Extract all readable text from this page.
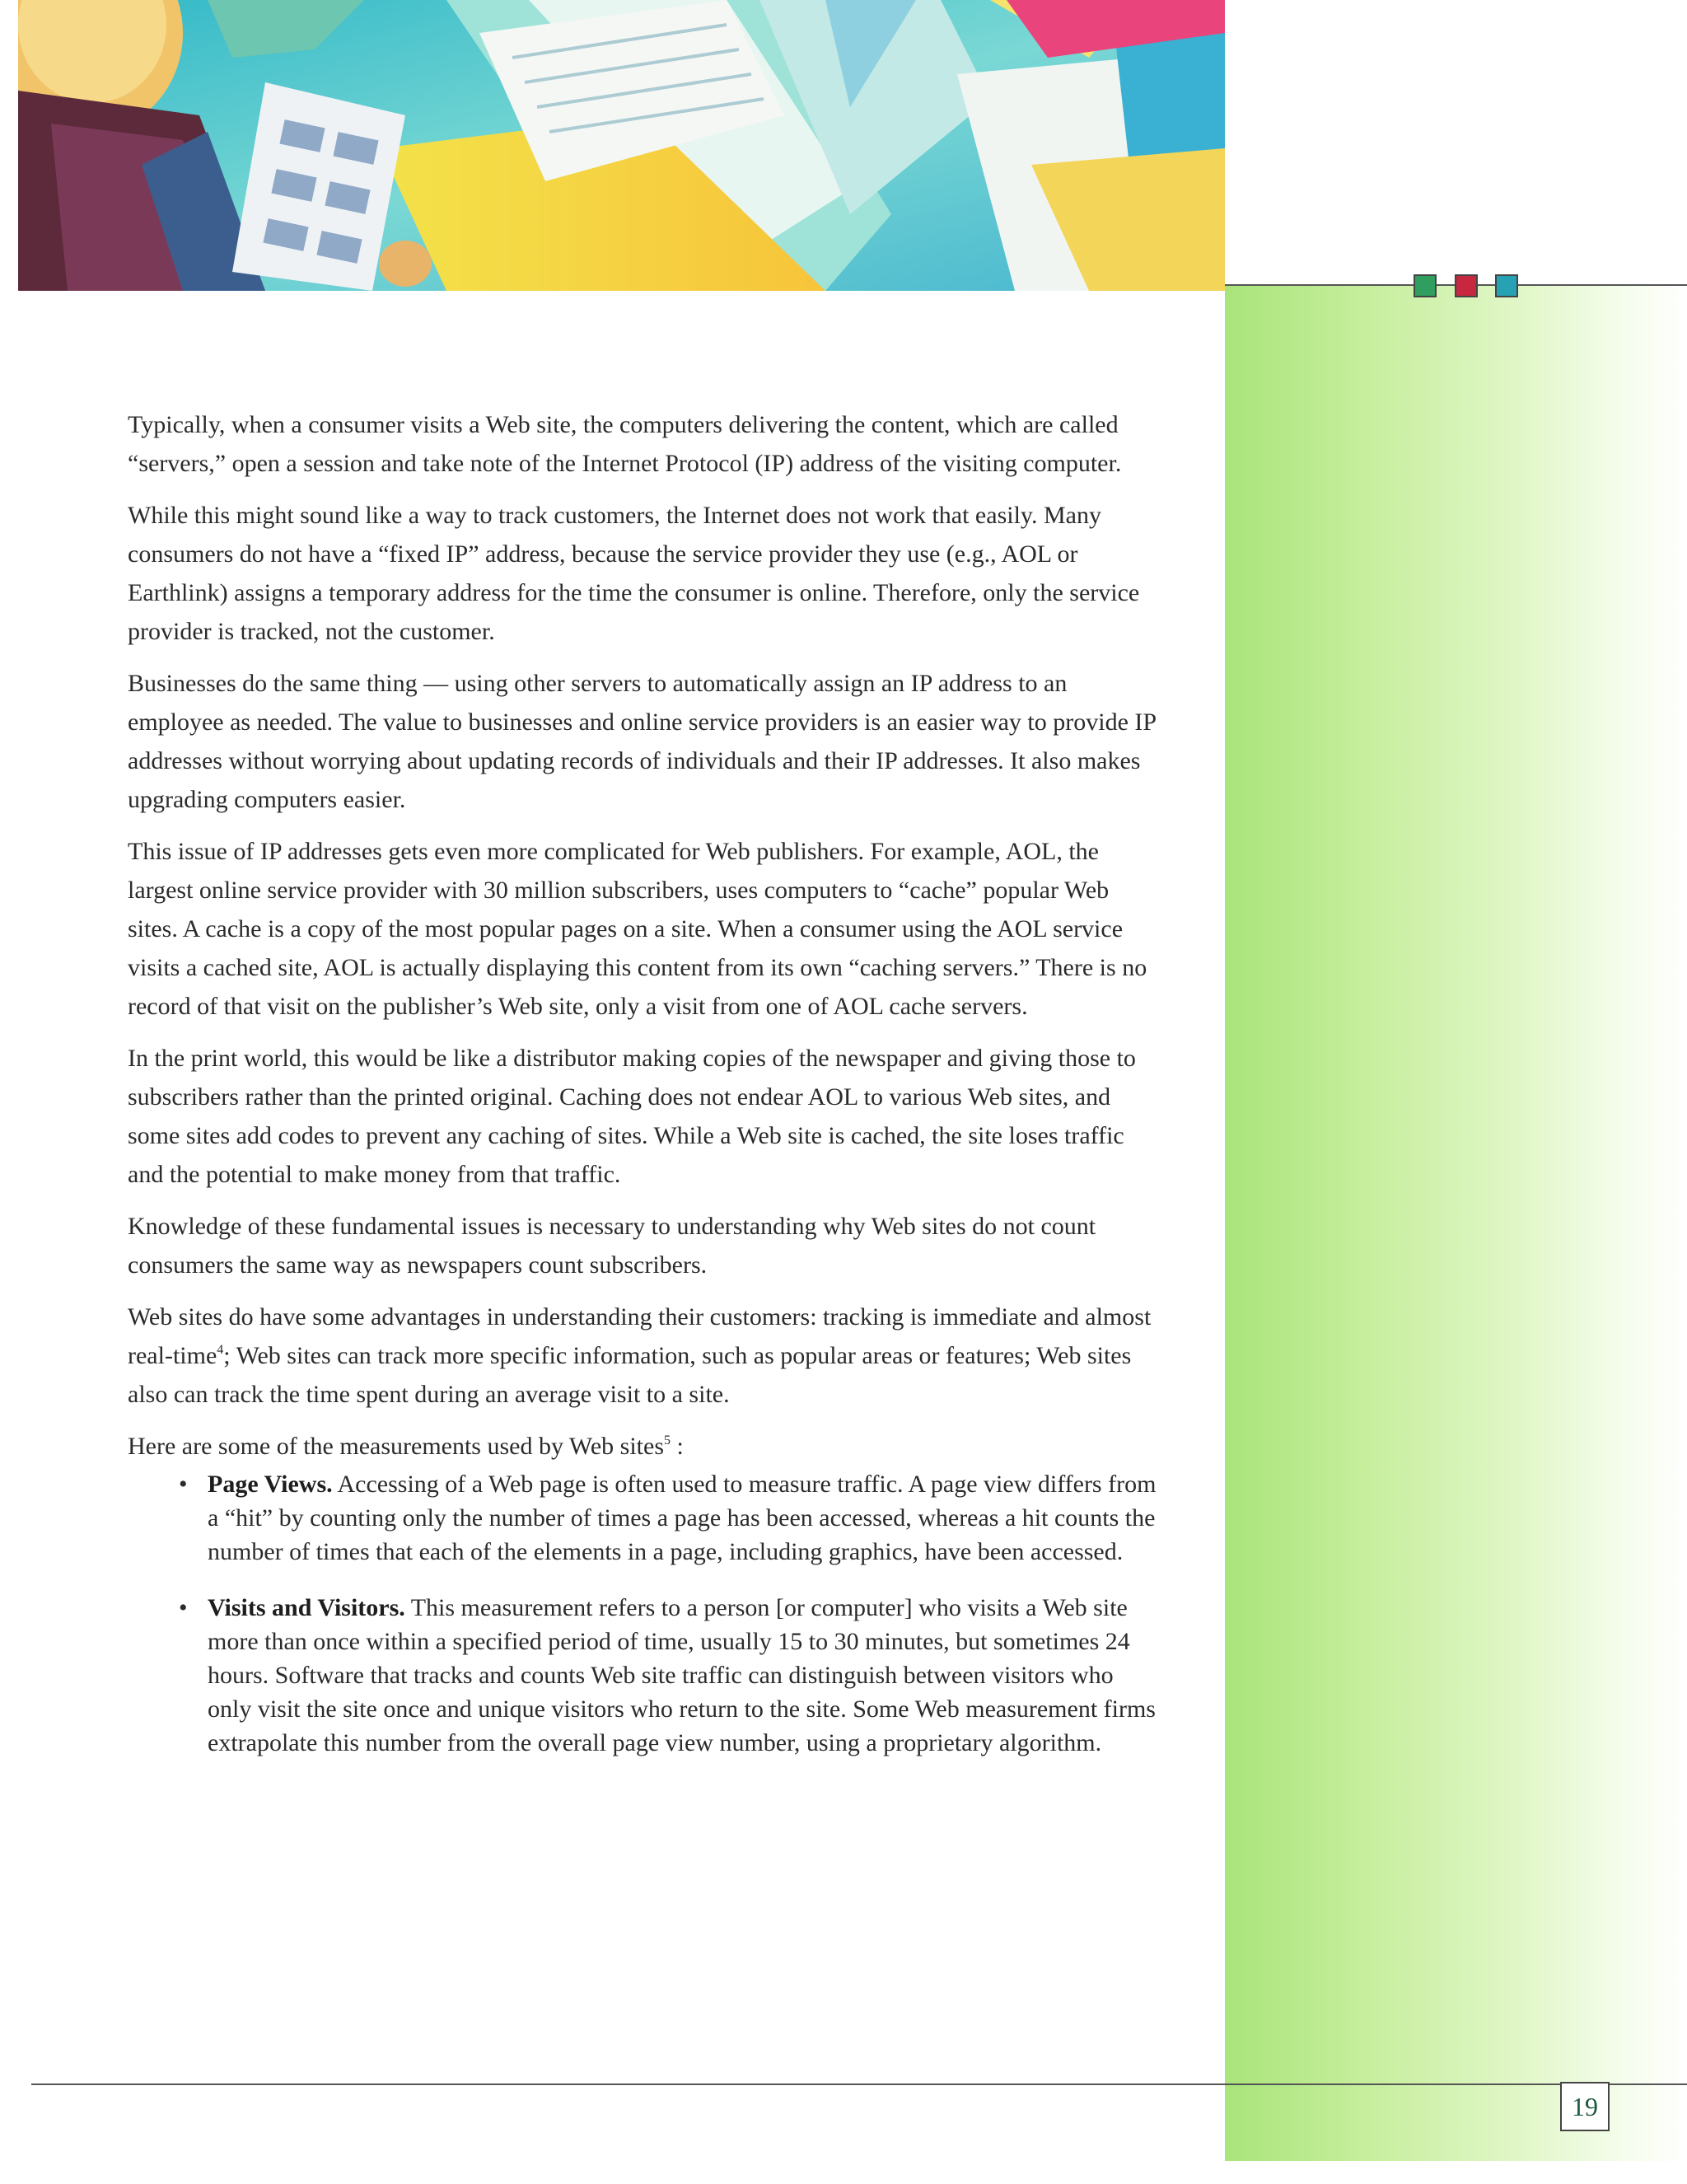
Typically, when a consumer visits a Web site, the computers delivering the content, which are called “servers,” open a session and take note of the Internet Protocol (IP) address of the visiting computer.

While this might sound like a way to track customers, the Internet does not work that easily. Many consumers do not have a “fixed IP” address, because the service provider they use (e.g., AOL or Earthlink) assigns a temporary address for the time the consumer is online. Therefore, only the service provider is tracked, not the customer.

Businesses do the same thing — using other servers to automatically assign an IP address to an employee as needed. The value to businesses and online service providers is an easier way to provide IP addresses without worrying about updating records of individuals and their IP addresses. It also makes upgrading computers easier.

This issue of IP addresses gets even more complicated for Web publishers. For example, AOL, the largest online service provider with 30 million subscribers, uses computers to “cache” popular Web sites. A cache is a copy of the most popular pages on a site. When a consumer using the AOL service visits a cached site, AOL is actually displaying this content from its own “caching servers.” There is no record of that visit on the publisher’s Web site, only a visit from one of AOL cache servers.

In the print world, this would be like a distributor making copies of the newspaper and giving those to subscribers rather than the printed original. Caching does not endear AOL to various Web sites, and some sites add codes to prevent any caching of sites. While a Web site is cached, the site loses traffic and the potential to make money from that traffic.

Knowledge of these fundamental issues is necessary to understanding why Web sites do not count consumers the same way as newspapers count subscribers.

Web sites do have some advantages in understanding their customers: tracking is immediate and almost real-time$^4$; Web sites can track more specific information, such as popular areas or features; Web sites also can track the time spent during an average visit to a site.

Here are some of the measurements used by Web sites$^5$ :

• Page Views. Accessing of a Web page is often used to measure traffic. A page view differs from a “hit” by counting only the number of times a page has been accessed, whereas a hit counts the number of times that each of the elements in a page, including graphics, have been accessed.
• Visits and Visitors. This measurement refers to a person [or computer] who visits a Web site more than once within a specified period of time, usually 15 to 30 minutes, but sometimes 24 hours. Software that tracks and counts Web site traffic can distinguish between visitors who only visit the site once and unique visitors who return to the site. Some Web measurement firms extrapolate this number from the overall page view number, using a proprietary algorithm.
19
